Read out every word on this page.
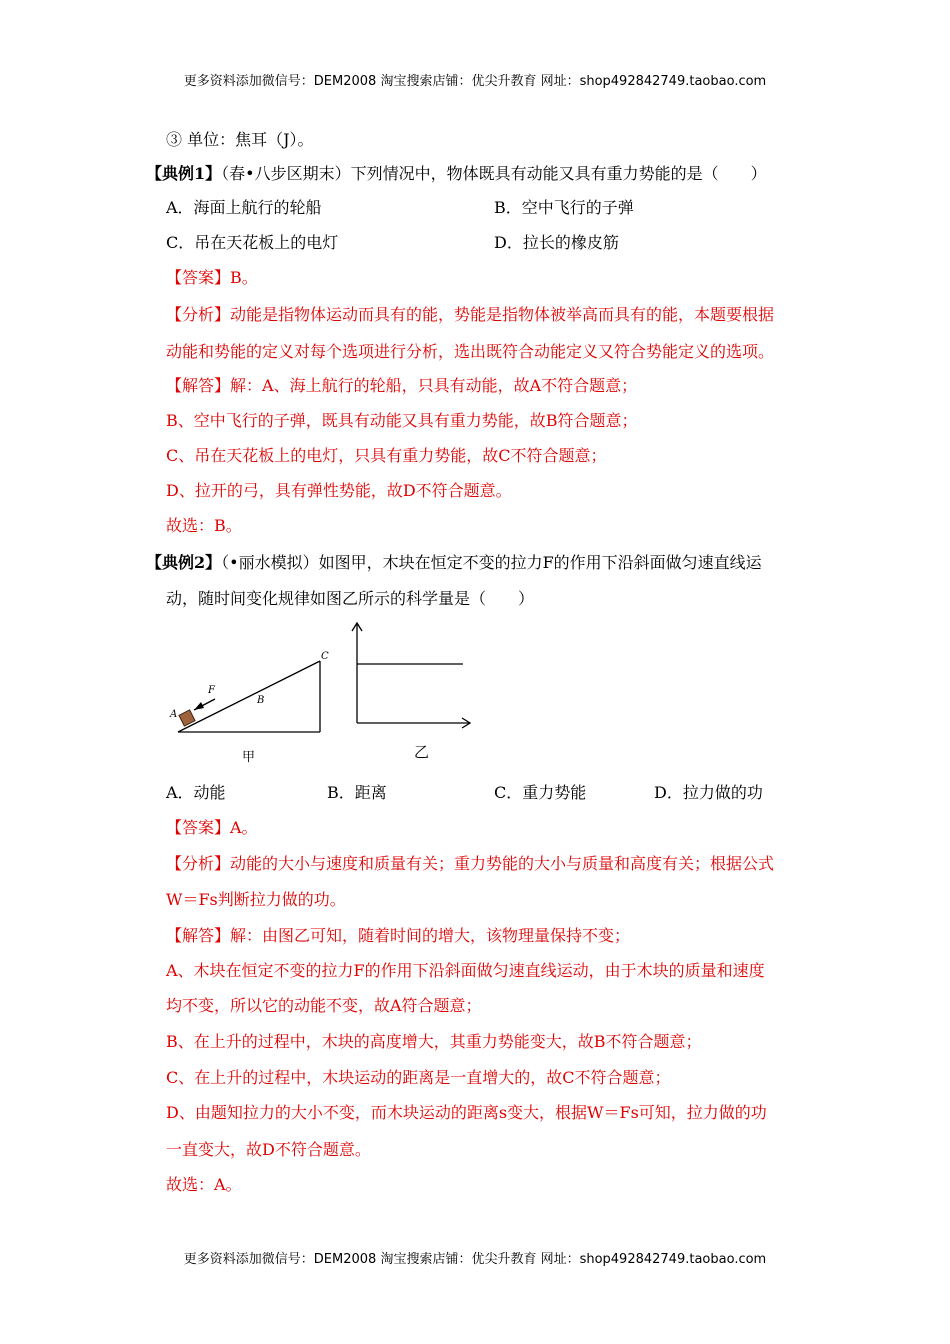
更多资料添加微信号：DEM2008 淘宝搜索店铺：优尖升教育 网址：shop492842749.taobao.com
③ 单位：焦耳（J）。
【典例1】（春•八步区期末）下列情况中，物体既具有动能又具有重力势能的是（　　）
A．海面上航行的轮船	B．空中飞行的子弹
C．吊在天花板上的电灯	D．拉长的橡皮筋
【答案】B。
【分析】动能是指物体运动而具有的能，势能是指物体被举高而具有的能，本题要根据
动能和势能的定义对每个选项进行分析，选出既符合动能定义又符合势能定义的选项。
【解答】解：A、海上航行的轮船，只具有动能，故A不符合题意；
B、空中飞行的子弹，既具有动能又具有重力势能，故B符合题意；
C、吊在天花板上的电灯，只具有重力势能，故C不符合题意；
D、拉开的弓，具有弹性势能，故D不符合题意。
故选：B。
【典例2】（•丽水模拟）如图甲，木块在恒定不变的拉力F的作用下沿斜面做匀速直线运
动，随时间变化规律如图乙所示的科学量是（　　）
A
B
C
F
甲	乙
A．动能	B．距离	C．重力势能	D．拉力做的功
【答案】A。
【分析】动能的大小与速度和质量有关；重力势能的大小与质量和高度有关；根据公式
W＝Fs判断拉力做的功。
【解答】解：由图乙可知，随着时间的增大，该物理量保持不变；
A、木块在恒定不变的拉力F的作用下沿斜面做匀速直线运动，由于木块的质量和速度
均不变，所以它的动能不变，故A符合题意；
B、在上升的过程中，木块的高度增大，其重力势能变大，故B不符合题意；
C、在上升的过程中，木块运动的距离是一直增大的，故C不符合题意；
D、由题知拉力的大小不变，而木块运动的距离s变大，根据W＝Fs可知，拉力做的功
一直变大，故D不符合题意。
故选：A。
更多资料添加微信号：DEM2008 淘宝搜索店铺：优尖升教育 网址：shop492842749.taobao.com
